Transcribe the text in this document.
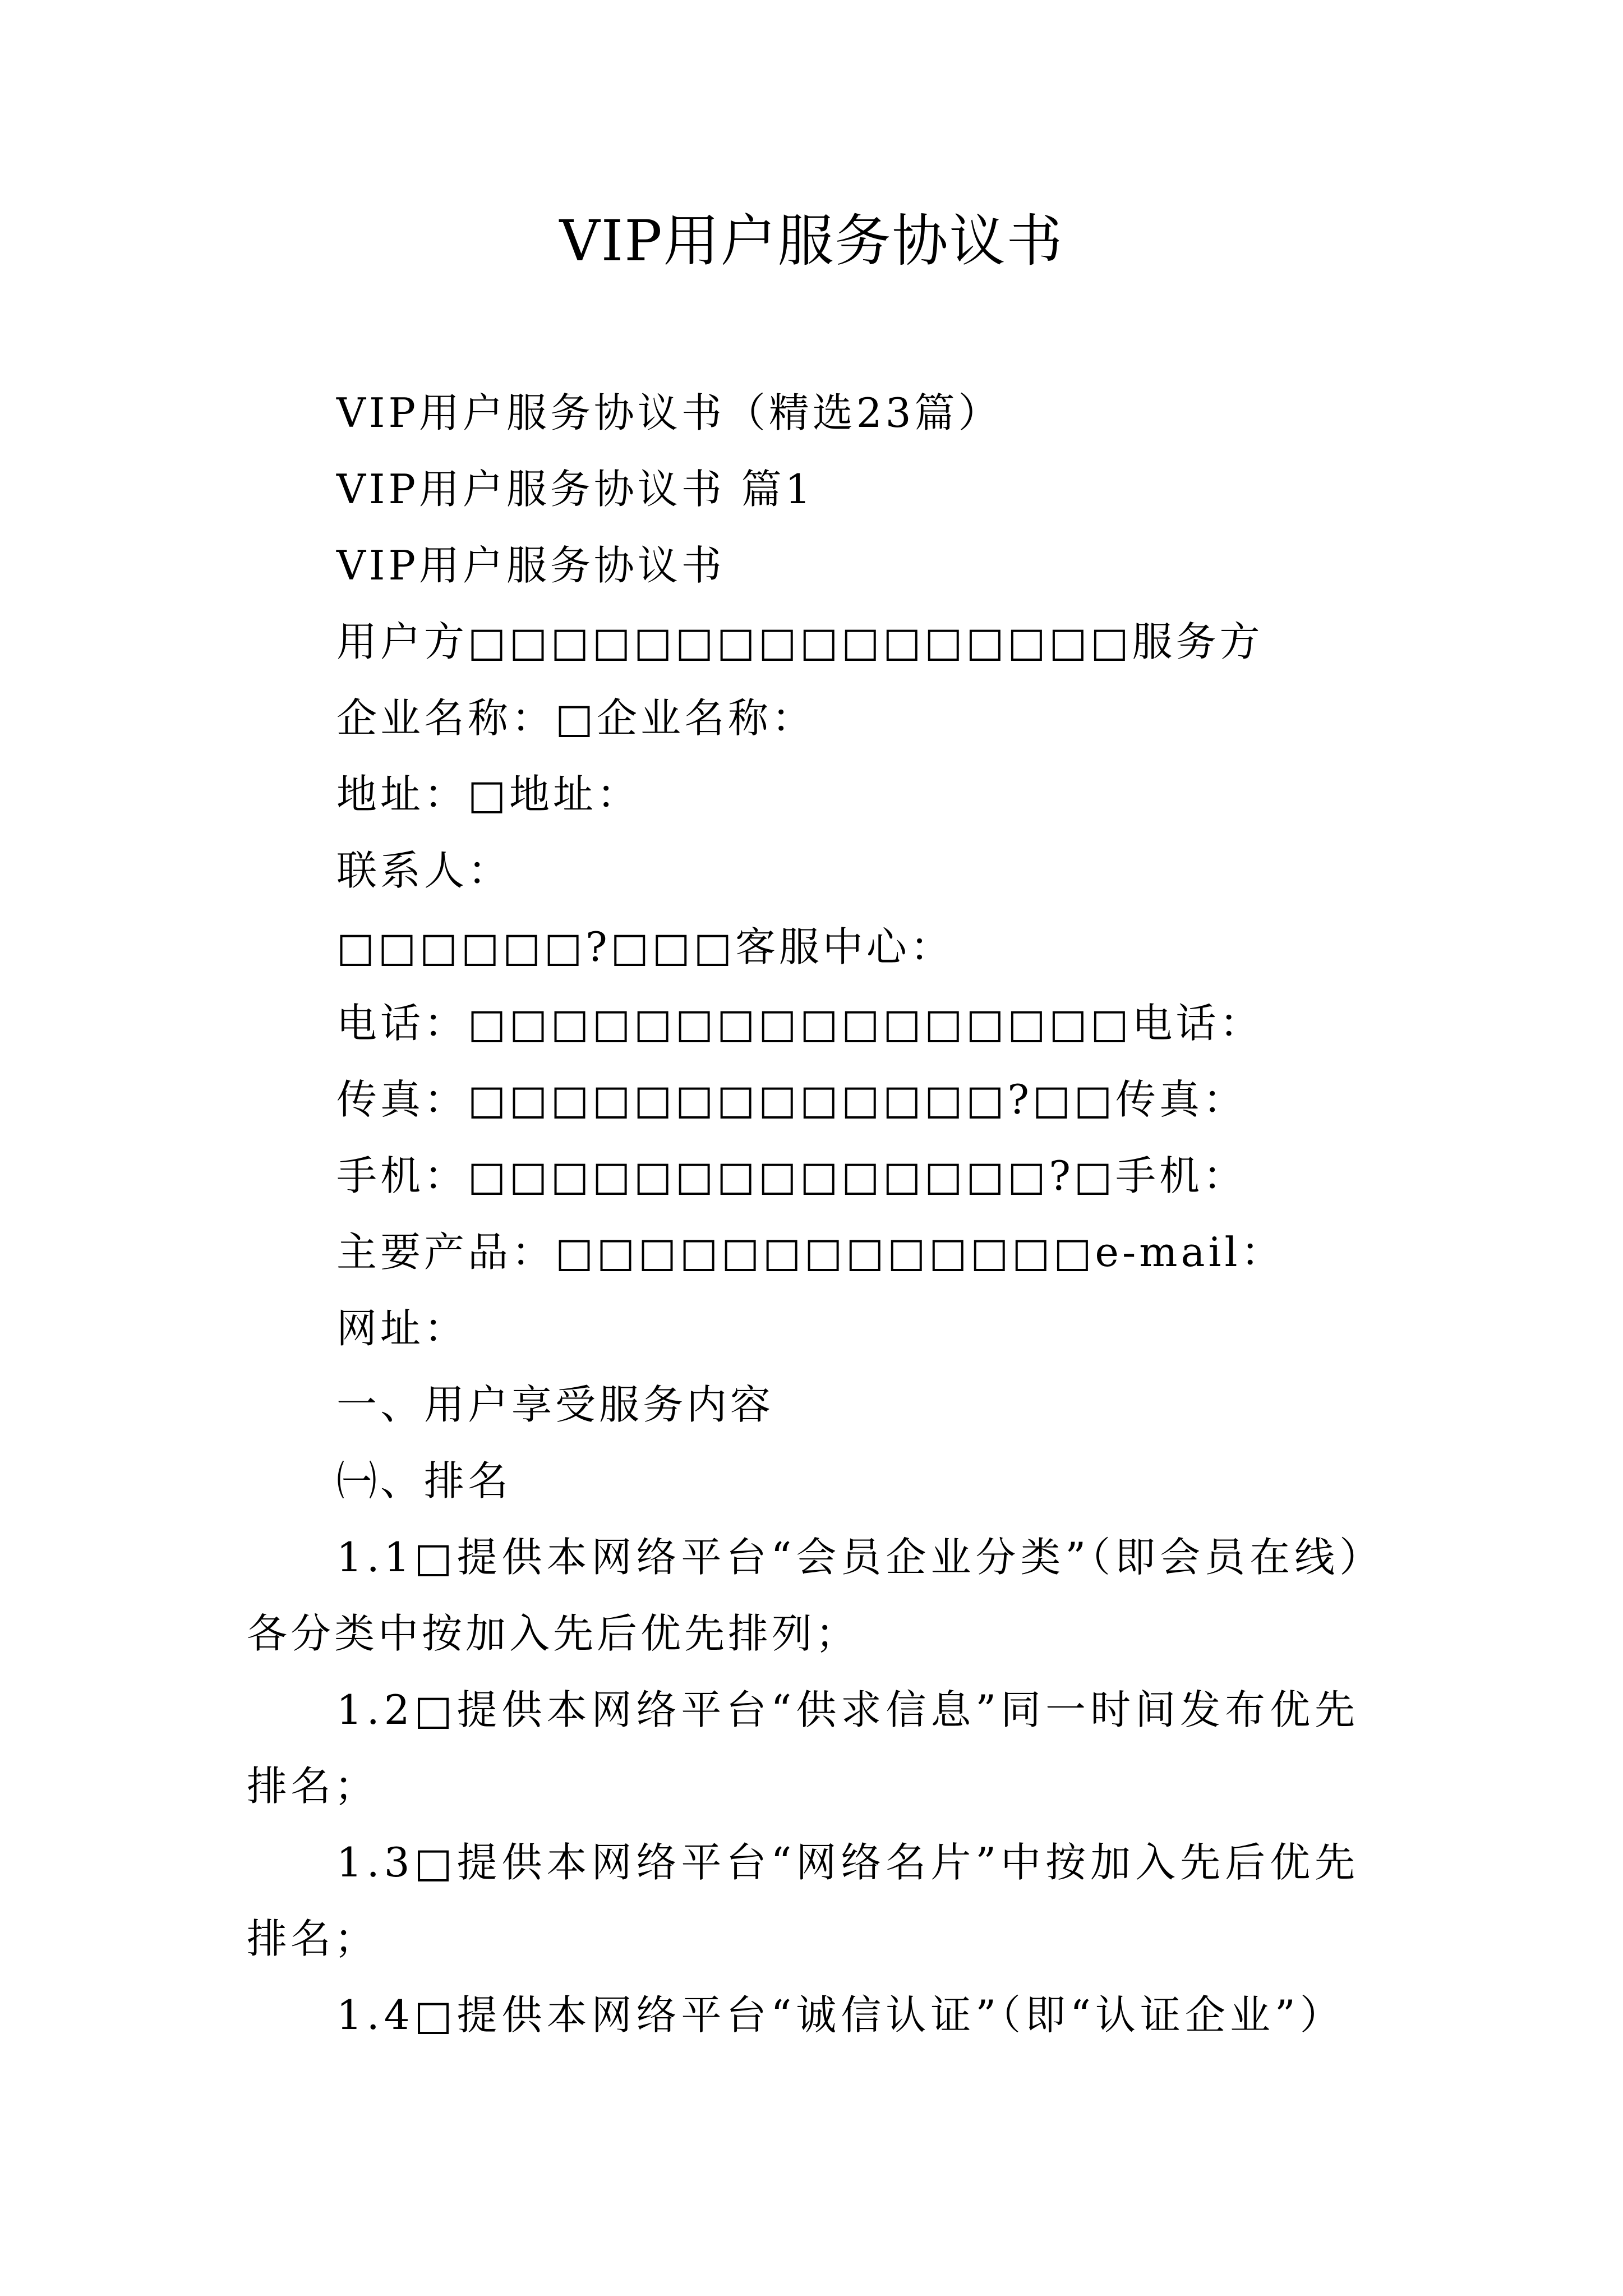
VIP用户服务协议书

VIP用户服务协议书（精选23篇）

VIP用户服务协议书 篇1

VIP用户服务协议书

用户方□□□□□□□□□□□□□□□□服务方

企业名称：□企业名称：

地址：□地址：

联系人：

□□□□□□?□□□客服中心：

电话：□□□□□□□□□□□□□□□□电话：

传真：□□□□□□□□□□□□□?□□传真：

手机：□□□□□□□□□□□□□□?□手机：

主要产品：□□□□□□□□□□□□□e-mail：

网址：

一、用户享受服务内容

㈠、排名

1.1□提供本网络平台“会员企业分类”（即会员在线）

各分类中按加入先后优先排列；

1.2□提供本网络平台“供求信息”同一时间发布优先

排名；

1.3□提供本网络平台“网络名片”中按加入先后优先

排名；

1.4□提供本网络平台“诚信认证”（即“认证企业”）
